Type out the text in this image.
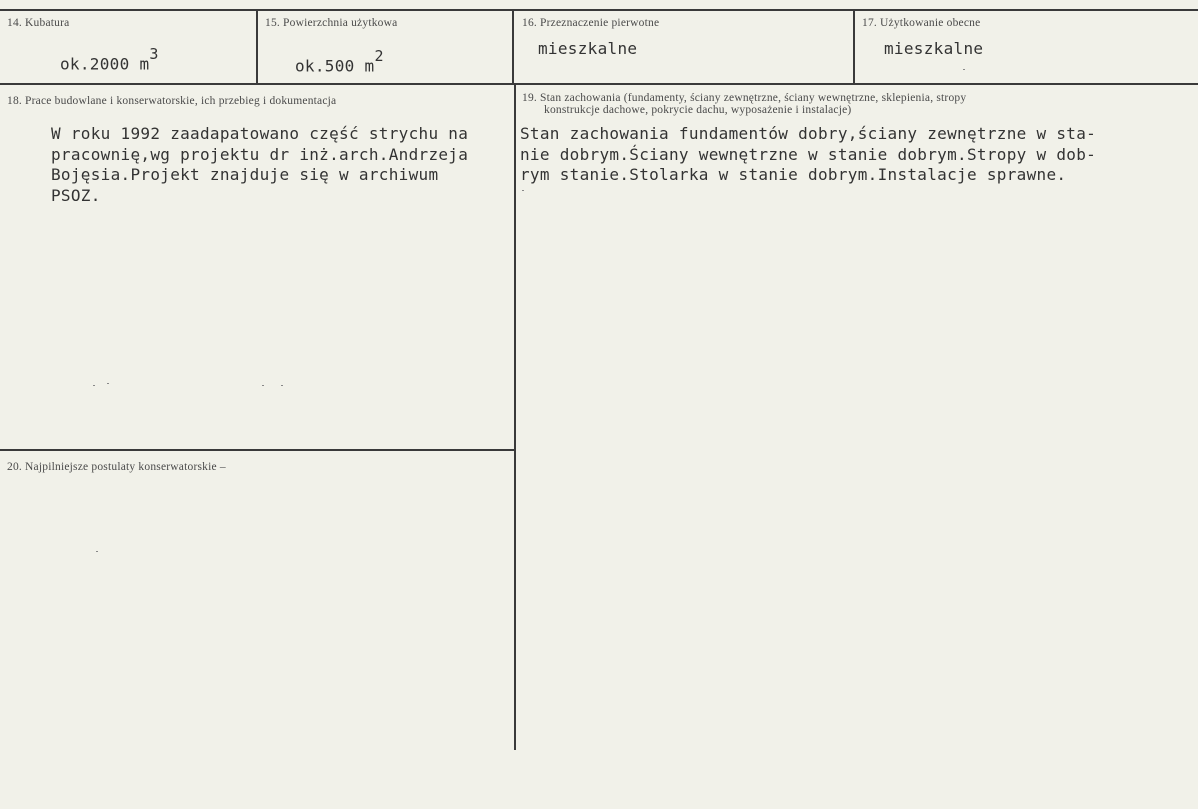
14. Kubatura
ok.2000 $m^3$
15. Powierzchnia użytkowa
ok.500 $m^2$
16. Przeznaczenie pierwotne
mieszkalne
17. Użytkowanie obecne
mieszkalne
18. Prace budowlane i konserwatorskie, ich przebieg i dokumentacja
W roku 1992 zaadapatowano część strychu na
pracownię,wg projektu dr inż.arch.Andrzeja
Bojęsia.Projekt znajduje się w archiwum
PSOZ.
19. Stan zachowania (fundamenty, ściany zewnętrzne, ściany wewnętrzne, sklepienia, stropy
konstrukcje dachowe, pokrycie dachu, wyposażenie i instalacje)
Stan zachowania fundamentów dobry,ściany zewnętrzne w sta-
nie dobrym.Ściany wewnętrzne w stanie dobrym.Stropy w dob-
rym stanie.Stolarka w stanie dobrym.Instalacje sprawne.
20. Najpilniejsze postulaty konserwatorskie –
